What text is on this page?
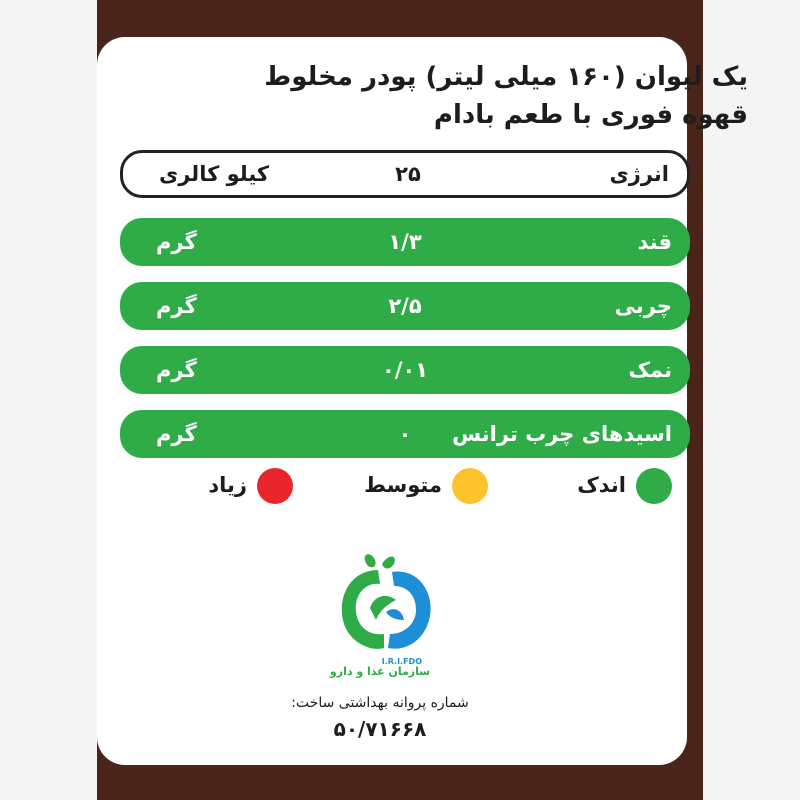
یک لیوان (۱۶۰ میلی لیتر) پودر مخلوط
قهوه فوری با طعم بادام
انرژی
۲۵
کیلو کالری
قند
۱/۳
گرم
چربی
۲/۵
گرم
نمک
۰/۰۱
گرم
اسیدهای چرب ترانس
۰
گرم
اندک
متوسط
زیاد
I.R.I.FDO
سازمان غذا و دارو
شماره پروانه بهداشتی ساخت:
۵۰/۷۱۶۶۸
